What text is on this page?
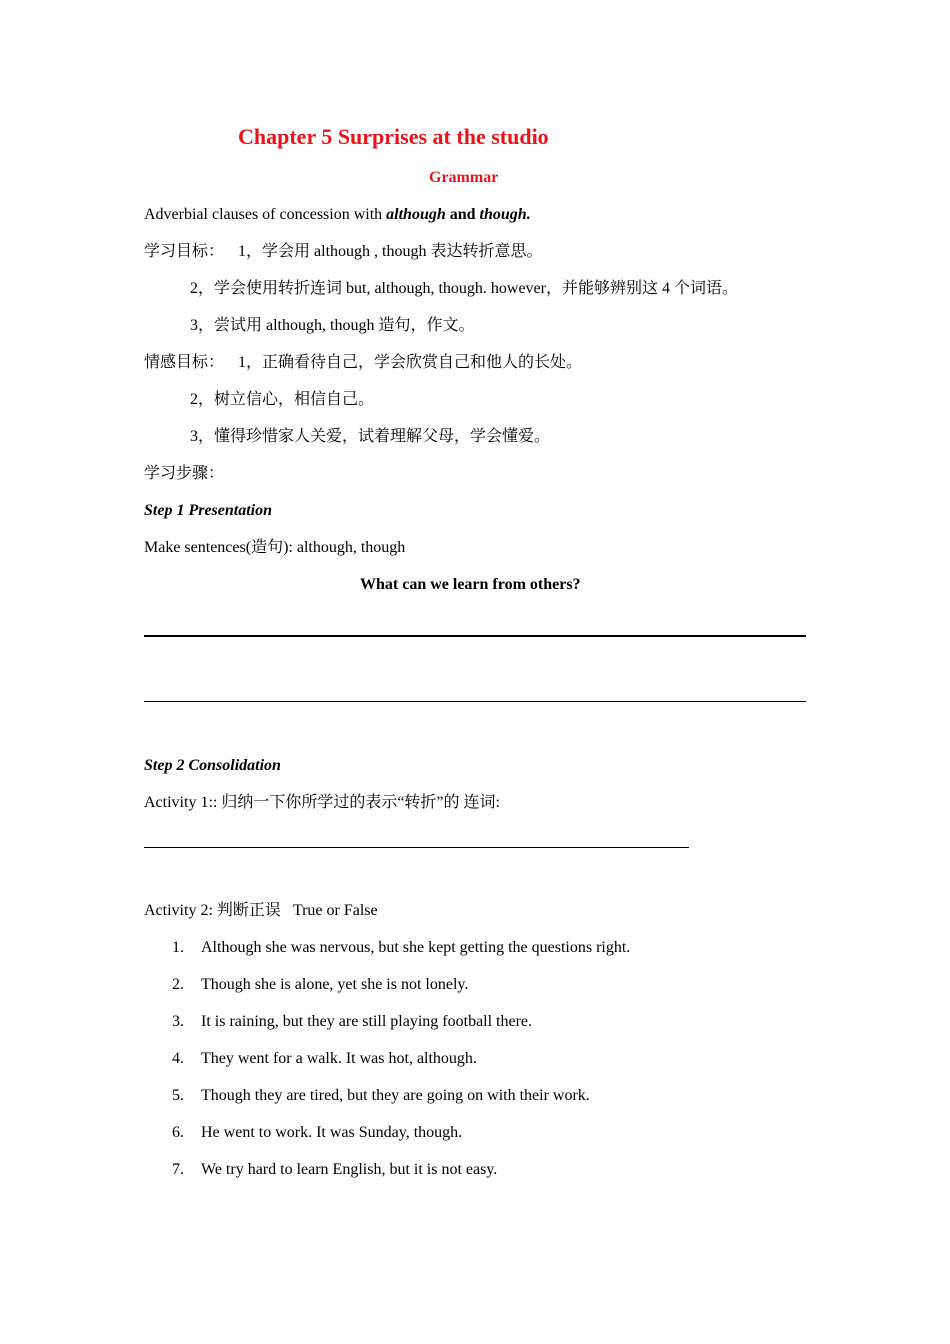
Chapter 5 Surprises at the studio
Grammar
Adverbial clauses of concession with although and though.
学习目标： 1，学会用 although , though 表达转折意思。
2，学会使用转折连词 but, although, though. however，并能够辨别这 4 个词语。
3，尝试用 although, though 造句，作文。
情感目标： 1，正确看待自己，学会欣赏自己和他人的长处。
2，树立信心，相信自己。
3，懂得珍惜家人关爱，试着理解父母，学会懂爱。
学习步骤：
Step 1 Presentation
Make sentences(造句): although, though
What can we learn from others?
Step 2 Consolidation
Activity 1:: 归纳一下你所学过的表示“转折”的 连词:
Activity 2: 判断正误   True or False
1. Although she was nervous, but she kept getting the questions right.
2. Though she is alone, yet she is not lonely.
3. It is raining, but they are still playing football there.
4. They went for a walk. It was hot, although.
5. Though they are tired, but they are going on with their work.
6. He went to work. It was Sunday, though.
7. We try hard to learn English, but it is not easy.
